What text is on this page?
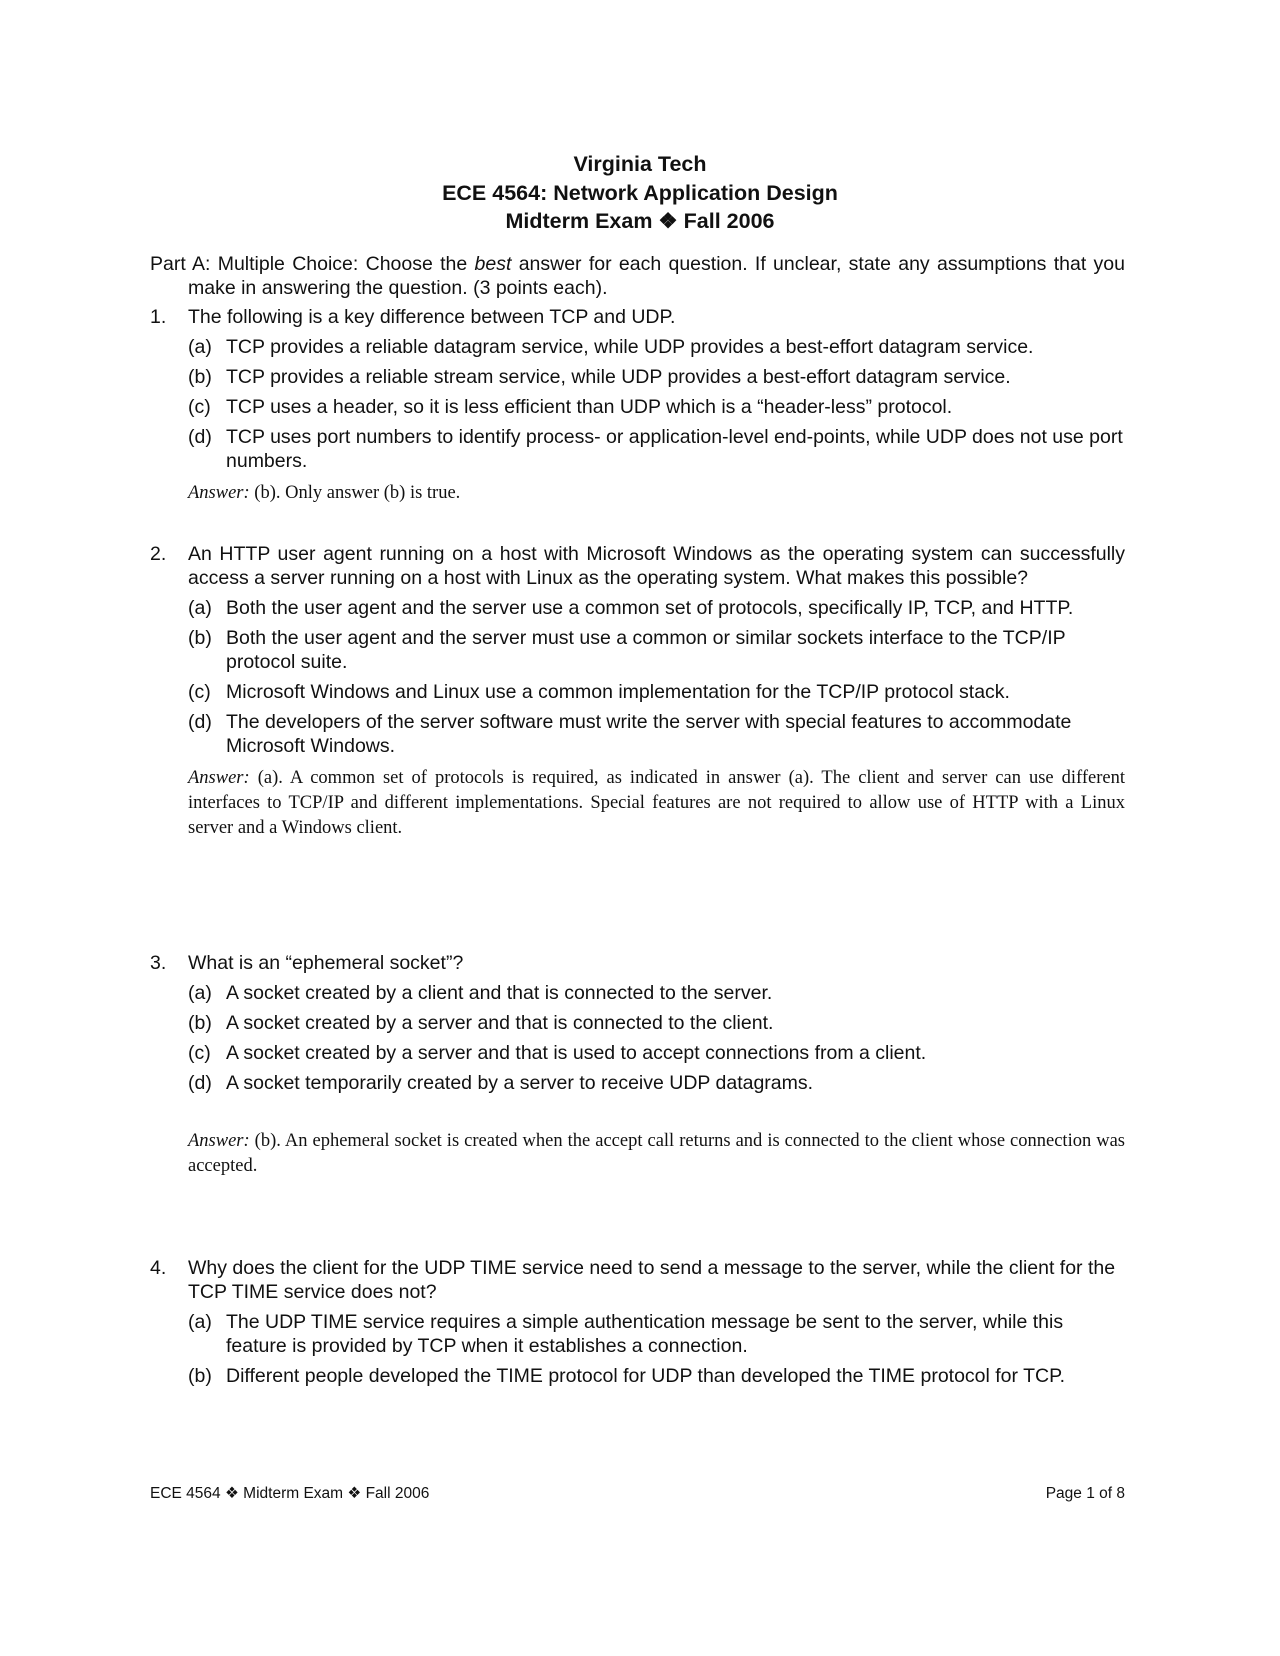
Virginia Tech
ECE 4564: Network Application Design
Midterm Exam ❖ Fall 2006
Part A: Multiple Choice: Choose the best answer for each question. If unclear, state any assumptions that you make in answering the question. (3 points each).
1.	The following is a key difference between TCP and UDP.
(a) TCP provides a reliable datagram service, while UDP provides a best-effort datagram service.
(b) TCP provides a reliable stream service, while UDP provides a best-effort datagram service.
(c) TCP uses a header, so it is less efficient than UDP which is a “header-less” protocol.
(d) TCP uses port numbers to identify process- or application-level end-points, while UDP does not use port numbers.
Answer: (b). Only answer (b) is true.
2.	An HTTP user agent running on a host with Microsoft Windows as the operating system can successfully access a server running on a host with Linux as the operating system. What makes this possible?
(a) Both the user agent and the server use a common set of protocols, specifically IP, TCP, and HTTP.
(b) Both the user agent and the server must use a common or similar sockets interface to the TCP/IP protocol suite.
(c) Microsoft Windows and Linux use a common implementation for the TCP/IP protocol stack.
(d) The developers of the server software must write the server with special features to accommodate Microsoft Windows.
Answer: (a). A common set of protocols is required, as indicated in answer (a). The client and server can use different interfaces to TCP/IP and different implementations. Special features are not required to allow use of HTTP with a Linux server and a Windows client.
3.	What is an “ephemeral socket”?
(a) A socket created by a client and that is connected to the server.
(b) A socket created by a server and that is connected to the client.
(c) A socket created by a server and that is used to accept connections from a client.
(d) A socket temporarily created by a server to receive UDP datagrams.
Answer: (b). An ephemeral socket is created when the accept call returns and is connected to the client whose connection was accepted.
4.	Why does the client for the UDP TIME service need to send a message to the server, while the client for the TCP TIME service does not?
(a) The UDP TIME service requires a simple authentication message be sent to the server, while this feature is provided by TCP when it establishes a connection.
(b) Different people developed the TIME protocol for UDP than developed the TIME protocol for TCP.
ECE 4564 ❖ Midterm Exam ❖ Fall 2006	Page 1 of 8
